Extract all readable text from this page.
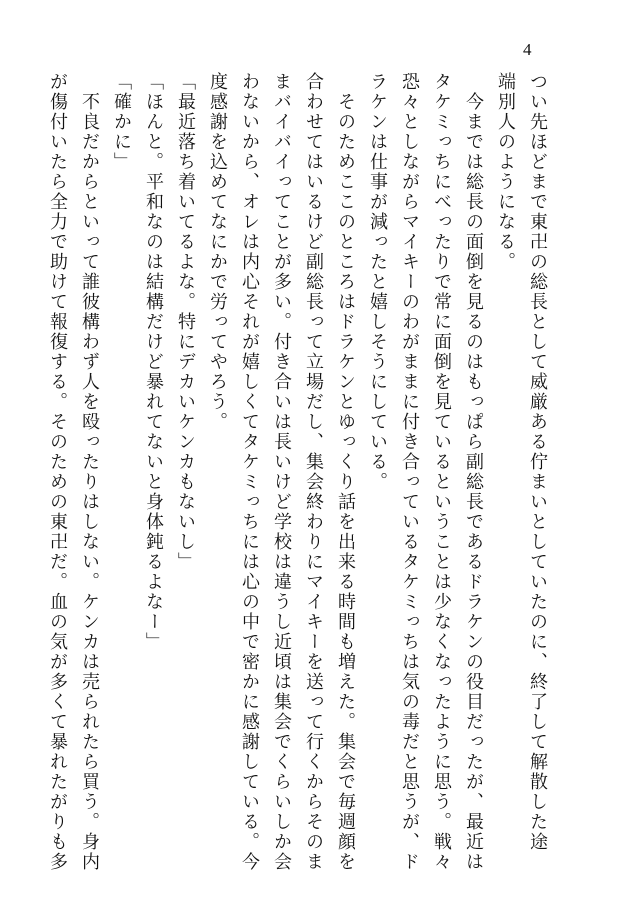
4
つい先ほどまで東卍の総長として威厳ある佇まいとしていたのに、終了して解散した途
端別人のようになる。
　今までは総長の面倒を見るのはもっぱら副総長であるドラケンの役目だったが、最近は
タケミっちにべったりで常に面倒を見ているということは少なくなったように思う。戦々
恐々としながらマイキーのわがままに付き合っているタケミっちは気の毒だと思うが、ド
ラケンは仕事が減ったと嬉しそうにしている。
　そのためここのところはドラケンとゆっくり話を出来る時間も増えた。集会で毎週顔を
合わせてはいるけど副総長って立場だし、集会終わりにマイキーを送って行くからそのま
まバイバイってことが多い。付き合いは長いけど学校は違うし近頃は集会でくらいしか会
わないから、オレは内心それが嬉しくてタケミっちには心の中で密かに感謝している。今
度感謝を込めてなにかで労ってやろう。
「最近落ち着いてるよな。特にデカいケンカもないし」
「ほんと。平和なのは結構だけど暴れてないと身体鈍るよなー」
「確かに」
　不良だからといって誰彼構わず人を殴ったりはしない。ケンカは売られたら買う。身内
が傷付いたら全力で助けて報復する。そのための東卍だ。血の気が多くて暴れたがりも多
